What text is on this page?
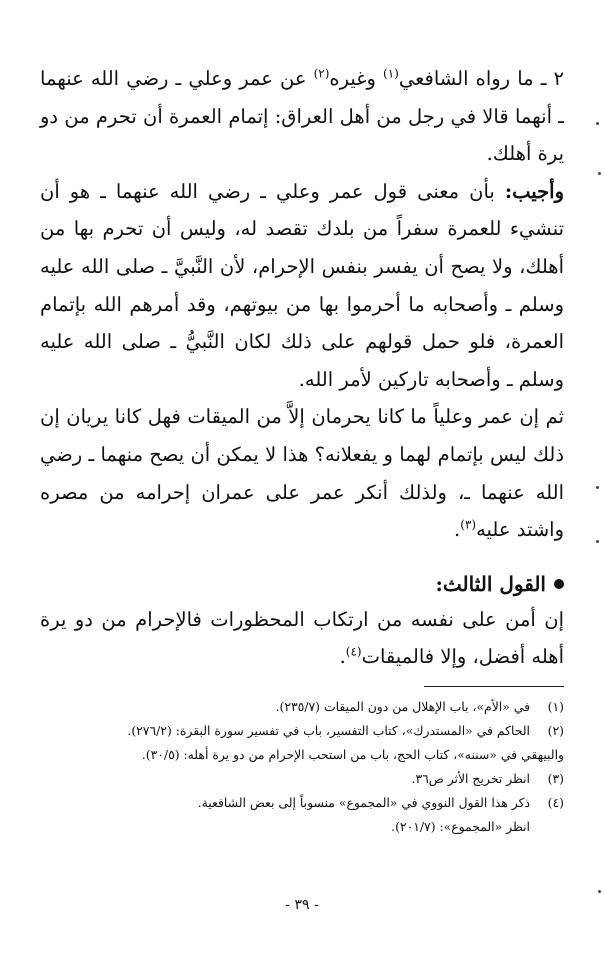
٢ ـ ما رواه الشافعي$^{(١)}$ وغيره$^{(٢)}$ عن عمر وعلي ـ رضي الله عنهما ـ أنهما قالا في رجل من أهل العراق: إتمام العمرة أن تحرم من دو يرة أهلك.

وأجيب: بأن معنى قول عمر وعلي ـ رضي الله عنهما ـ هو أن تنشيء للعمرة سفراً من بلدك تقصد له، وليس أن تحرم بها من أهلك، ولا يصح أن يفسر بنفس الإحرام، لأن النَّبيَّ ـ صلى الله عليه وسلم ـ وأصحابه ما أحرموا بها من بيوتهم، وقد أمرهم الله بإتمام العمرة، فلو حمل قولهم على ذلك لكان النَّبيُّ ـ صلى الله عليه وسلم ـ وأصحابه تاركين لأمر الله.

ثم إن عمر وعلياً ما كانا يحرمان إلاَّ من الميقات فهل كانا يريان إن ذلك ليس بإتمام لهما و يفعلانه؟ هذا لا يمكن أن يصح منهما ـ رضي الله عنهما ـ، ولذلك أنكر عمر على عمران إحرامه من مصره واشتد عليه$^{(٣)}$.

القول الثالث:

إن أمن على نفسه من ارتكاب المحظورات فالإحرام من دو يرة أهله أفضل، وإلا فالميقات$^{(٤)}$.

(١)
في «الأم»، باب الإهلال من دون الميقات (٢٣٥/٧).
(٢)
الحاكم في «المستدرك»، كتاب التفسير، باب في تفسير سورة البقرة: (٢٧٦/٢).
والبيهقي في «سننه»، كتاب الحج، باب من استحب الإحرام من دو يرة أهله: (٣٠/٥).
(٣)
انظر تخريج الأثر ص٣٦.
(٤)
ذكر هذا القول النووي في «المجموع» منسوباً إلى بعض الشافعية.
انظر «المجموع»: (٢٠١/٧).
- ٣٩ -
